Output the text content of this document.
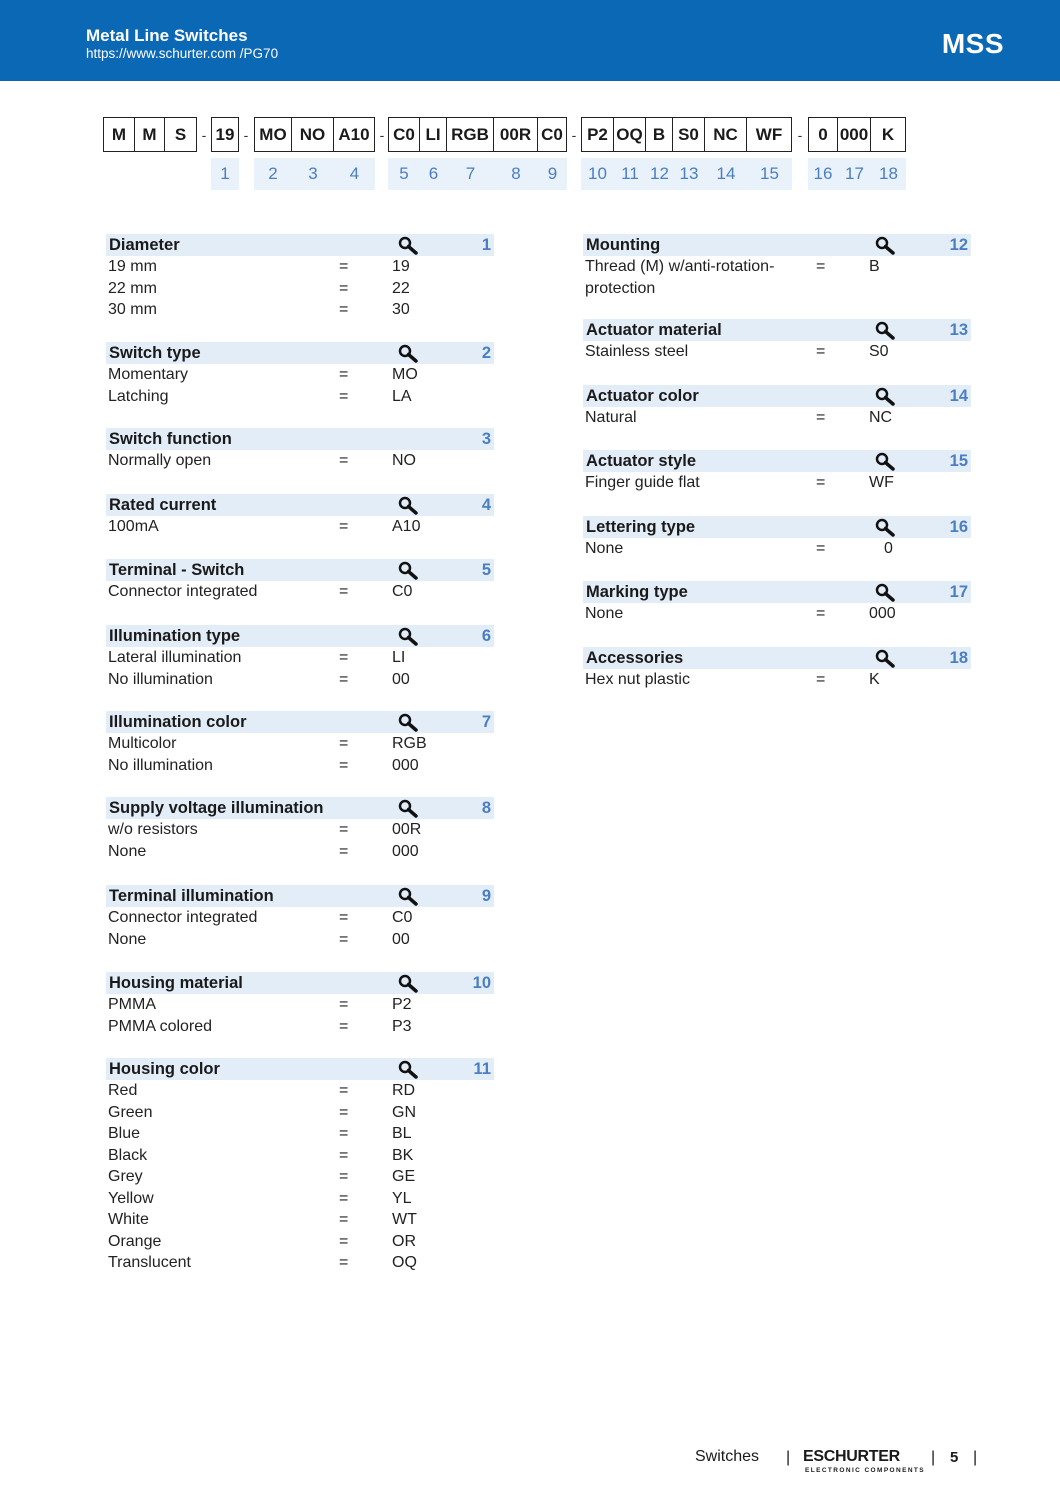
Metal Line Switches
https://www.schurter.com /PG70	MSS
M M	S	- 19 - MO NO A10 - C0 LI RGB 00R C0 - P2 OQ B S0 NC	WF	- 0 000 K
1	2	3	4	5	6	7	8	9	10 11 12 13	14	15	16 17 18
Diameter	1
19 mm	=	19
22 mm	=	22
30 mm	=	30
Switch type	2
Momentary	=	MO
Latching	=	LA
Switch function	3
Normally open	=	NO
Rated current	4
100mA	=	A10
Terminal - Switch	5
Connector integrated	=	C0
Illumination type	6
Lateral illumination	=	LI
No illumination	=	00
Illumination color	7
Multicolor	=	RGB
No illumination	=	000
Supply voltage illumination	8
w/o resistors	=	00R
None	=	000
Terminal illumination	9
Connector integrated	=	C0
None	=	00
Housing material	10
PMMA	=	P2
PMMA colored	=	P3
Housing color	11
Red	=	RD
Green	=	GN
Blue	=	BL
Black	=	BK
Grey	=	GE
Yellow	=	YL
White	=	WT
Orange	=	OR
Translucent	=	OQ
Mounting	12
Thread (M) w/anti-rotation-protection
=	B
Actuator material	13
Stainless steel	=	S0
Actuator color	14
Natural	=	NC
Actuator style	15
Finger guide flat	=	WF
Lettering type	16
None	=	0
Marking type	17
None	=	000
Accessories	18
Hex nut plastic	=	K
Switches | ESCHURTER
ELECTRONIC COMPONENTS
| 5 |
